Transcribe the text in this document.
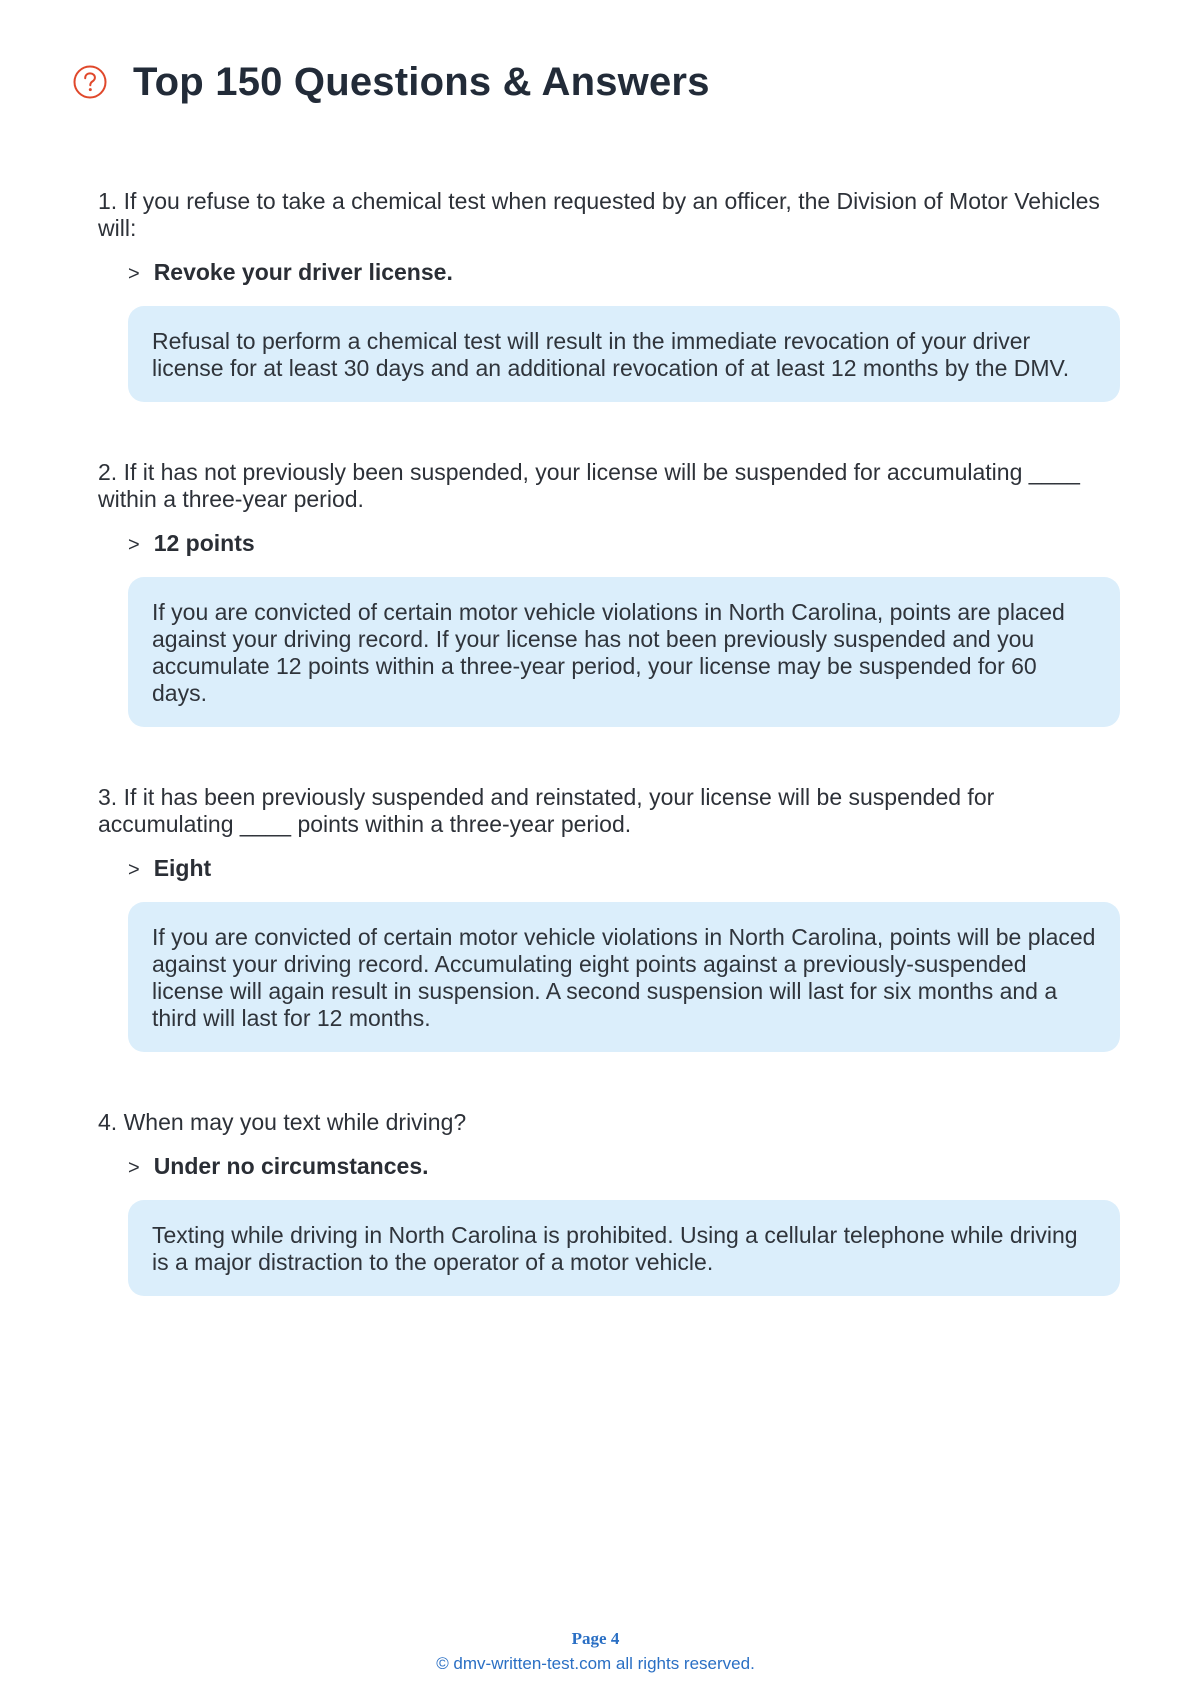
Top 150 Questions & Answers

1. If you refuse to take a chemical test when requested by an officer, the Division of Motor Vehicles will:

> Revoke your driver license.
Refusal to perform a chemical test will result in the immediate revocation of your driver license for at least 30 days and an additional revocation of at least 12 months by the DMV.

2. If it has not previously been suspended, your license will be suspended for accumulating ____ within a three-year period.

> 12 points
If you are convicted of certain motor vehicle violations in North Carolina, points are placed against your driving record. If your license has not been previously suspended and you accumulate 12 points within a three-year period, your license may be suspended for 60 days.

3. If it has been previously suspended and reinstated, your license will be suspended for accumulating ____ points within a three-year period.

> Eight
If you are convicted of certain motor vehicle violations in North Carolina, points will be placed against your driving record. Accumulating eight points against a previously-suspended license will again result in suspension. A second suspension will last for six months and a third will last for 12 months.

4. When may you text while driving?

> Under no circumstances.
Texting while driving in North Carolina is prohibited. Using a cellular telephone while driving is a major distraction to the operator of a motor vehicle.
Page 4
© dmv-written-test.com all rights reserved.
